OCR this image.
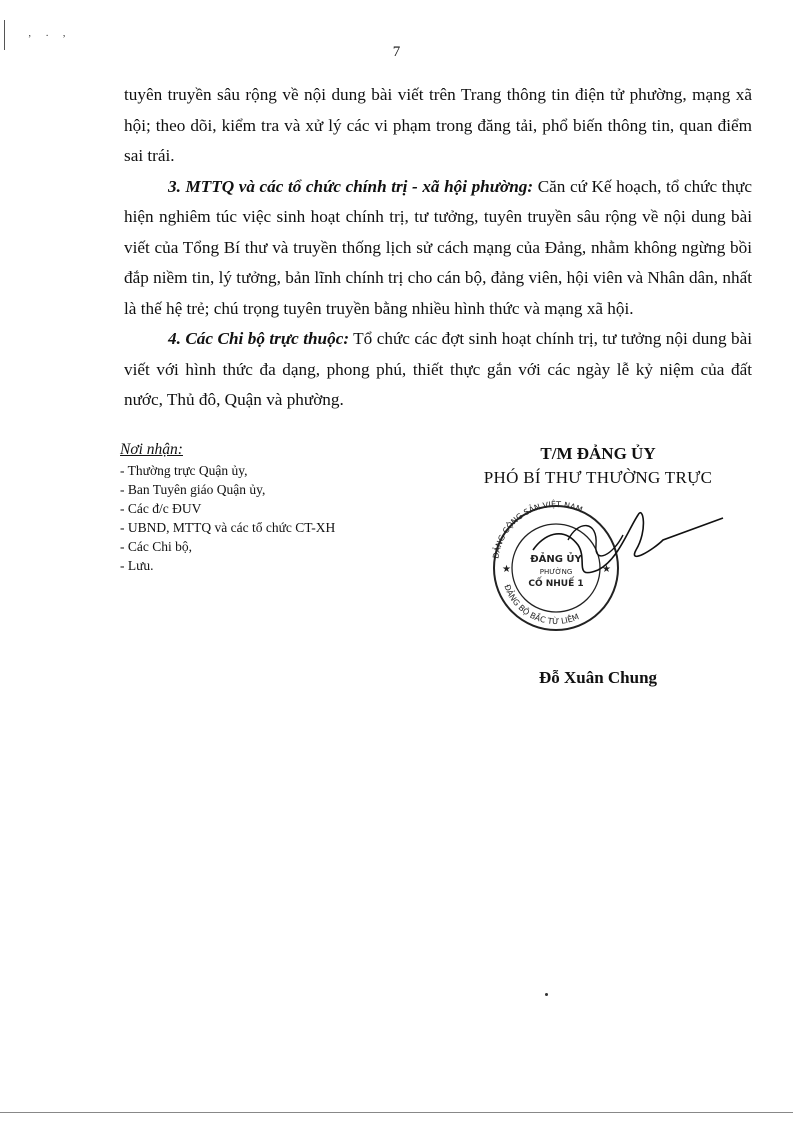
‚ . ,
7

tuyên truyền sâu rộng về nội dung bài viết trên Trang thông tin điện tử phường, mạng xã hội; theo dõi, kiểm tra và xử lý các vi phạm trong đăng tải, phổ biến thông tin, quan điểm sai trái.

3. MTTQ và các tổ chức chính trị - xã hội phường: Căn cứ Kế hoạch, tổ chức thực hiện nghiêm túc việc sinh hoạt chính trị, tư tưởng, tuyên truyền sâu rộng về nội dung bài viết của Tổng Bí thư và truyền thống lịch sử cách mạng của Đảng, nhằm không ngừng bồi đắp niềm tin, lý tưởng, bản lĩnh chính trị cho cán bộ, đảng viên, hội viên và Nhân dân, nhất là thế hệ trẻ; chú trọng tuyên truyền bằng nhiều hình thức và mạng xã hội.

4. Các Chi bộ trực thuộc: Tổ chức các đợt sinh hoạt chính trị, tư tưởng nội dung bài viết với hình thức đa dạng, phong phú, thiết thực gắn với các ngày lễ kỷ niệm của đất nước, Thủ đô, Quận và phường.

Nơi nhận:
- Thường trực Quận ủy,
- Ban Tuyên giáo Quận ủy,
- Các đ/c ĐUV
- UBND, MTTQ và các tổ chức CT-XH
- Các Chi bộ,
- Lưu.
T/M ĐẢNG ỦY
PHÓ BÍ THƯ THƯỜNG TRỰC
ĐẢNG CỘNG SẢN VIỆT NAM
ĐẢNG BỘ BẮC TỪ LIÊM
★	★
ĐẢNG ỦY
PHƯỜNG
CỐ NHUẾ 1
Đỗ Xuân Chung
